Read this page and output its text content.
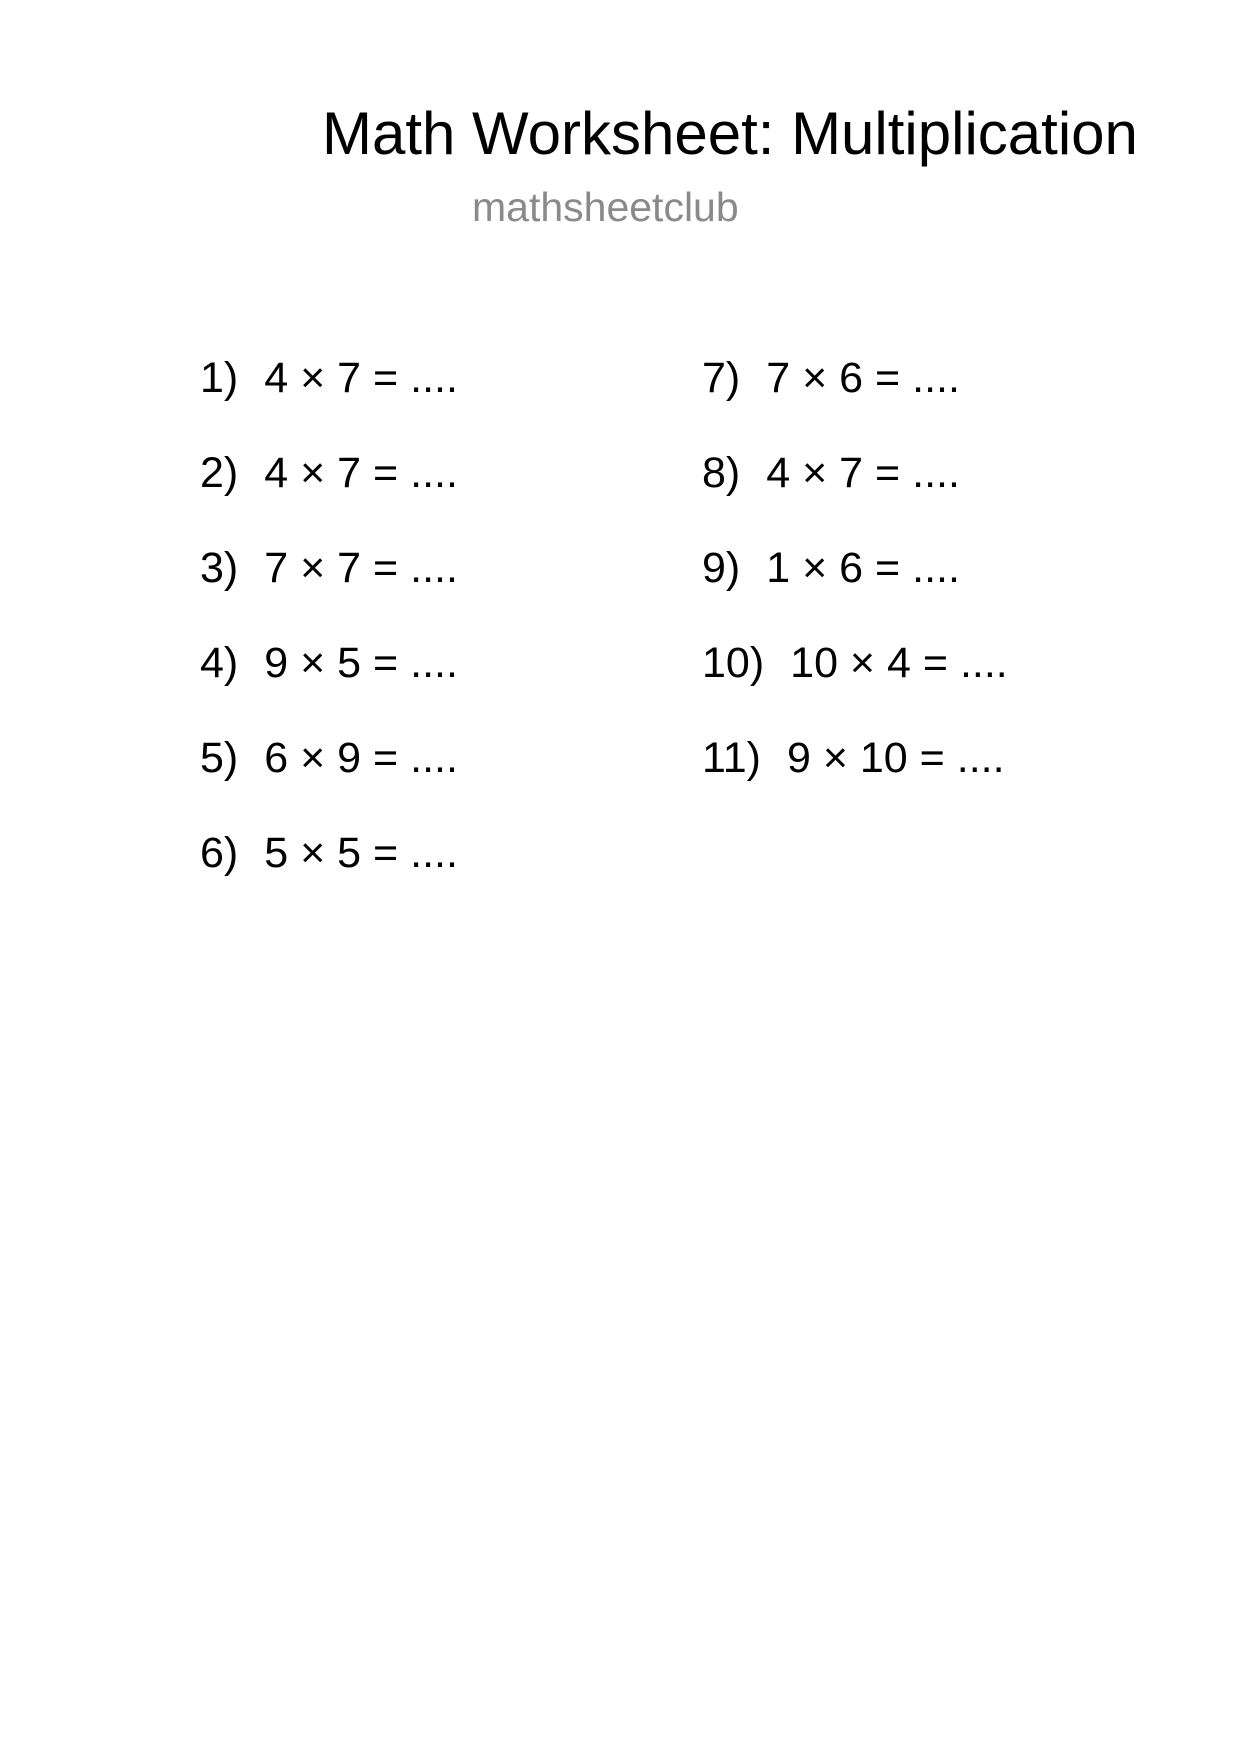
Math Worksheet: Multiplication
mathsheetclub
1) 4 × 7 = ....
2) 4 × 7 = ....
3) 7 × 7 = ....
4) 9 × 5 = ....
5) 6 × 9 = ....
6) 5 × 5 = ....
7) 7 × 6 = ....
8) 4 × 7 = ....
9) 1 × 6 = ....
10) 10 × 4 = ....
11) 9 × 10 = ....
